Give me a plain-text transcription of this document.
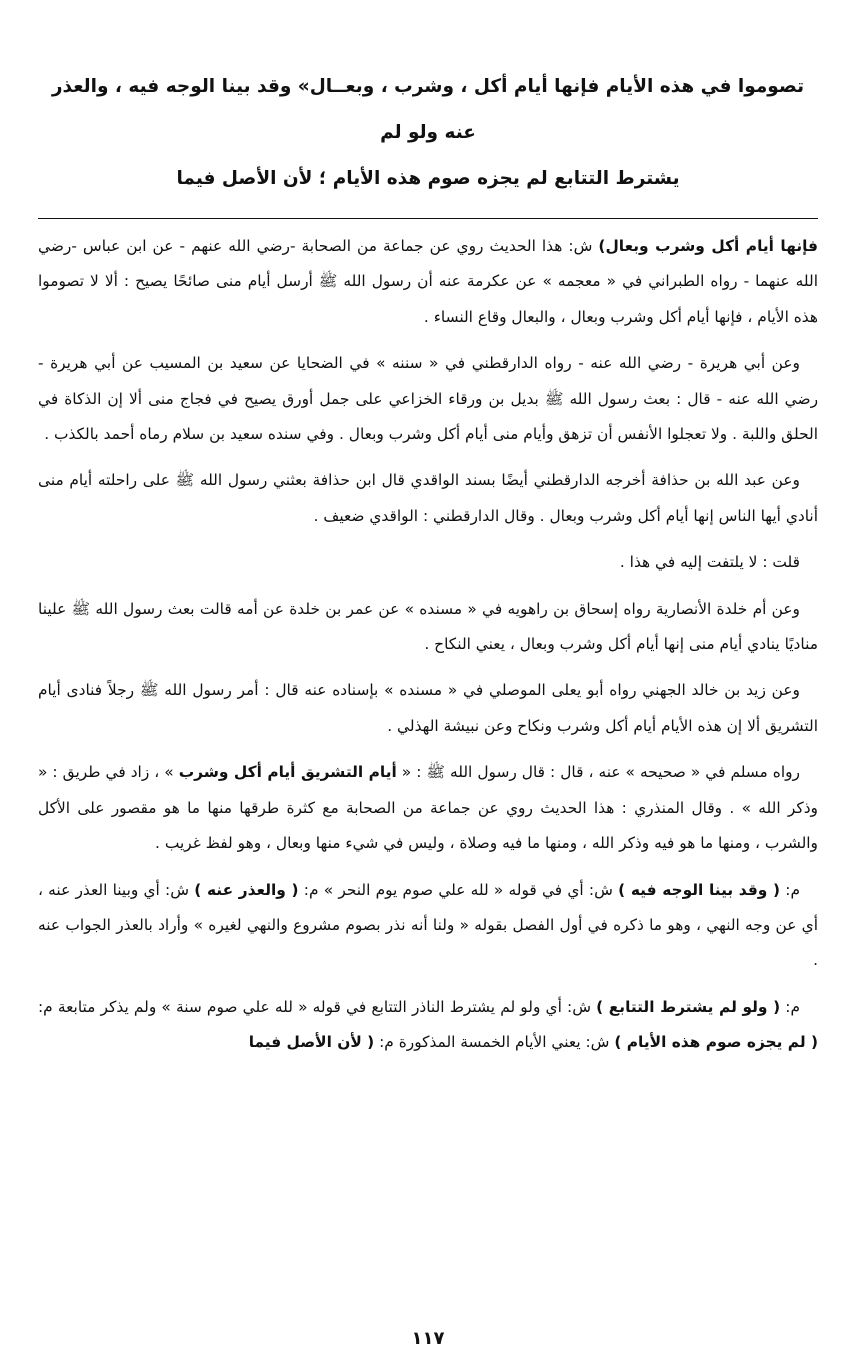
تصوموا في هذه الأيام فإنها أيام أكل ، وشرب ، وبعــال» وقد بينا الوجه فيه ، والعذر عنه ولو لم

يشترط التتابع لم يجزه صوم هذه الأيام ؛ لأن الأصل فيما

فإنها أيام أكل وشرب وبعال) ش: هذا الحديث روي عن جماعة من الصحابة -رضي الله عنهم - عن ابن عباس -رضي الله عنهما - رواه الطبراني في « معجمه » عن عكرمة عنه أن رسول الله ﷺ أرسل أيام منى صائحًا يصيح : ألا لا تصوموا هذه الأيام ، فإنها أيام أكل وشرب وبعال ، والبعال وقاع النساء .

وعن أبي هريرة - رضي الله عنه - رواه الدارقطني في « سننه » في الضحايا عن سعيد بن المسيب عن أبي هريرة - رضي الله عنه - قال : بعث رسول الله ﷺ بديل بن ورقاء الخزاعي على جمل أورق يصيح في فجاج منى ألا إن الذكاة في الحلق واللبة . ولا تعجلوا الأنفس أن تزهق وأيام منى أيام أكل وشرب وبعال . وفي سنده سعيد بن سلام رماه أحمد بالكذب .

وعن عبد الله بن حذافة أخرجه الدارقطني أيضًا بسند الواقدي قال ابن حذافة بعثني رسول الله ﷺ على راحلته أيام منى أنادي أيها الناس إنها أيام أكل وشرب وبعال . وقال الدارقطني : الواقدي ضعيف .

قلت : لا يلتفت إليه في هذا .

وعن أم خلدة الأنصارية رواه إسحاق بن راهويه في « مسنده » عن عمر بن خلدة عن أمه قالت بعث رسول الله ﷺ علينا مناديًا ينادي أيام منى إنها أيام أكل وشرب وبعال ، يعني النكاح .

وعن زيد بن خالد الجهني رواه أبو يعلى الموصلي في « مسنده » بإسناده عنه قال : أمر رسول الله ﷺ رجلاً فنادى أيام التشريق ألا إن هذه الأيام أيام أكل وشرب ونكاح وعن نبيشة الهذلي .

رواه مسلم في « صحيحه » عنه ، قال : قال رسول الله ﷺ : « أيام التشريق أيام أكل وشرب » ، زاد في طريق : « وذكر الله » . وقال المنذري : هذا الحديث روي عن جماعة من الصحابة مع كثرة طرقها منها ما هو مقصور على الأكل والشرب ، ومنها ما هو فيه وذكر الله ، ومنها ما فيه وصلاة ، وليس في شيء منها وبعال ، وهو لفظ غريب .

م: ( وقد بينا الوجه فيه ) ش: أي في قوله « لله علي صوم يوم النحر » م: ( والعذر عنه ) ش: أي وبينا العذر عنه ، أي عن وجه النهي ، وهو ما ذكره في أول الفصل بقوله « ولنا أنه نذر بصوم مشروع والنهي لغيره » وأراد بالعذر الجواب عنه .

م: ( ولو لم يشترط التتابع ) ش: أي ولو لم يشترط الناذر التتابع في قوله « لله علي صوم سنة » ولم يذكر متابعة م: ( لم يجزه صوم هذه الأيام ) ش: يعني الأيام الخمسة المذكورة م: ( لأن الأصل فيما

١١٧
